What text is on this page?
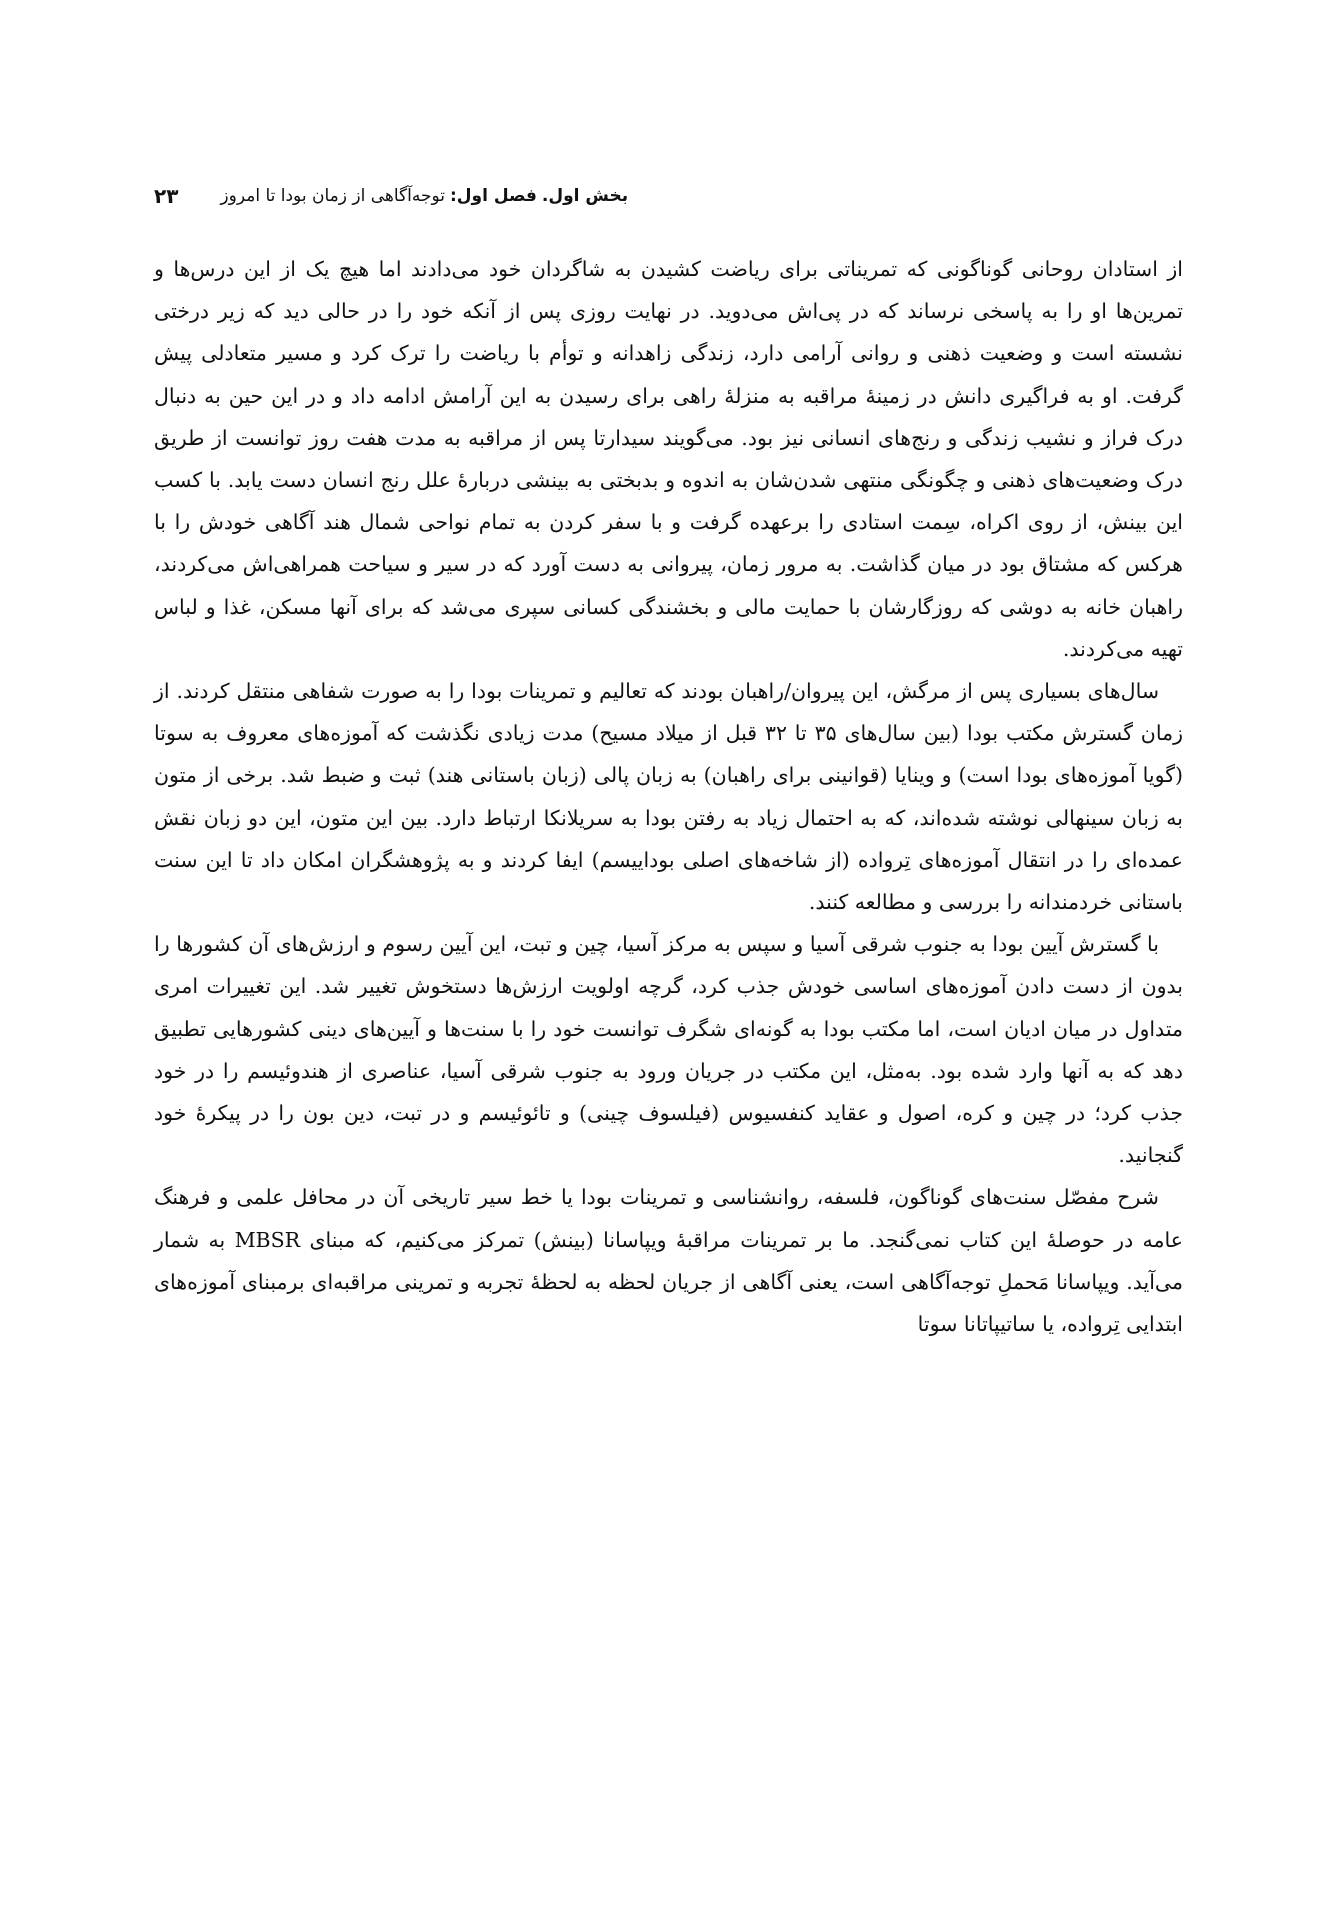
بخش اول.
فصل اول:
توجه‌آگاهی از زمان بودا تا امروز
۲۳

از استادان روحانی گوناگونی که تمریناتی برای ریاضت کشیدن به شاگردان خود می‌دادند اما هیچ یک از این درس‌ها و تمرین‌ها او را به پاسخی نرساند که در پی‌اش می‌دوید. در نهایت روزی پس از آنکه خود را در حالی دید که زیر درختی نشسته است و وضعیت ذهنی و روانی آرامی دارد، زندگی زاهدانه و توأم با ریاضت را ترک کرد و مسیر متعادلی پیش گرفت. او به فراگیری دانش در زمینهٔ مراقبه به منزلهٔ راهی برای رسیدن به این آرامش ادامه داد و در این حین به دنبال درک فراز و نشیب زندگی و رنج‌های انسانی نیز بود. می‌گویند سیدارتا پس از مراقبه به مدت هفت روز توانست از طریق درک وضعیت‌های ذهنی و چگونگی منتهی شدن‌شان به اندوه و بدبختی به بینشی دربارهٔ علل رنج انسان دست یابد. با کسب این بینش، از روی اکراه، سِمت استادی را برعهده گرفت و با سفر کردن به تمام نواحی شمال هند آگاهی خودش را با هرکس که مشتاق بود در میان گذاشت. به مرور زمان، پیروانی به دست آورد که در سیر و سیاحت همراهی‌اش می‌کردند، راهبان خانه به دوشی که روزگارشان با حمایت مالی و بخشندگی کسانی سپری می‌شد که برای آنها مسکن، غذا و لباس تهیه می‌کردند.

سال‌های بسیاری پس از مرگش، این پیروان/راهبان بودند که تعالیم و تمرینات بودا را به صورت شفاهی منتقل کردند. از زمان گسترش مکتب بودا (بین سال‌های ۳۵ تا ۳۲ قبل از میلاد مسیح) مدت زیادی نگذشت که آموزه‌های معروف به سوتا (گویا آموزه‌های بودا است) و وینایا (قوانینی برای راهبان) به زبان پالی (زبان باستانی هند) ثبت و ضبط شد. برخی از متون به زبان سینهالی نوشته شده‌اند، که به احتمال زیاد به رفتن بودا به سریلانکا ارتباط دارد. بین این متون، این دو زبان نقش عمده‌ای را در انتقال آموزه‌های تِرواده (از شاخه‌های اصلی بوداییسم) ایفا کردند و به پژوهشگران امکان داد تا این سنت باستانی خردمندانه را بررسی و مطالعه کنند.

با گسترش آیین بودا به جنوب شرقی آسیا و سپس به مرکز آسیا، چین و تبت، این آیین رسوم و ارزش‌های آن کشورها را بدون از دست دادن آموزه‌های اساسی خودش جذب کرد، گرچه اولویت ارزش‌ها دستخوش تغییر شد. این تغییرات امری متداول در میان ادیان است، اما مکتب بودا به گونه‌ای شگرف توانست خود را با سنت‌ها و آیین‌های دینی کشورهایی تطبیق دهد که به آنها وارد شده بود. به‌مثل، این مکتب در جریان ورود به جنوب شرقی آسیا، عناصری از هندوئیسم را در خود جذب کرد؛ در چین و کره، اصول و عقاید کنفسیوس (فیلسوف چینی) و تائوئیسم و در تبت، دین بون را در پیکرهٔ خود گنجانید.

شرح مفصّل سنت‌های گوناگون، فلسفه، روانشناسی و تمرینات بودا یا خط سیر تاریخی آن در محافل علمی و فرهنگ عامه در حوصلهٔ این کتاب نمی‌گنجد. ما بر تمرینات مراقبهٔ ویپاسانا (بینش) تمرکز می‌کنیم، که مبنای MBSR به شمار می‌آید. ویپاسانا مَحملِ توجه‌آگاهی است، یعنی آگاهی از جریان لحظه به لحظهٔ تجربه و تمرینی مراقبه‌ای برمبنای آموزه‌های ابتدایی تِرواده، یا ساتیپاتانا سوتا
